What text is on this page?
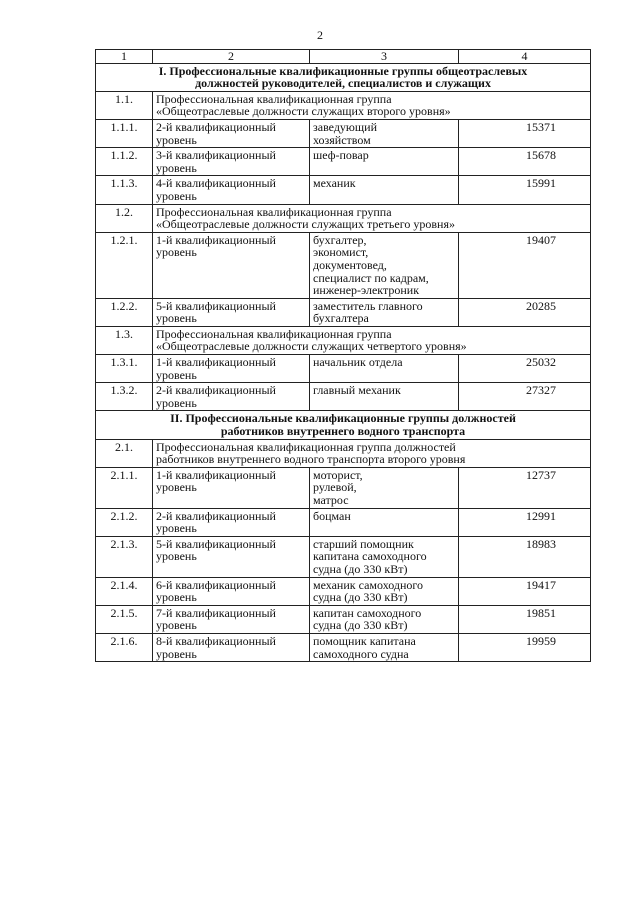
2
1	2	3	4

I. Профессиональные квалификационные группы общеотраслевых
должностей руководителей, специалистов и служащих			

1.1.	Профессиональная квалификационная группа
«Общеотраслевые должности служащих второго уровня»		

1.1.1.	2-й квалификационный
уровень	заведующий
хозяйством	15371
1.1.2.	3-й квалификационный
уровень	шеф-повар	15678
1.1.3.	4-й квалификационный
уровень	механик	15991
1.2.	Профессиональная квалификационная группа
«Общеотраслевые должности служащих третьего уровня»		

1.2.1.	1-й квалификационный
уровень	бухгалтер,
экономист,
документовед,
специалист по кадрам,
инженер-электроник	19407
1.2.2.	5-й квалификационный
уровень	заместитель главного
бухгалтера	20285
1.3.	Профессиональная квалификационная группа
«Общеотраслевые должности служащих четвертого уровня»		

1.3.1.	1-й квалификационный
уровень	начальник отдела	25032
1.3.2.	2-й квалификационный
уровень	главный механик	27327

II. Профессиональные квалификационные группы должностей
работников внутреннего водного транспорта			

2.1.	Профессиональная квалификационная группа должностей
работников внутреннего водного транспорта второго уровня		

2.1.1.	1-й квалификационный
уровень	моторист,
рулевой,
матрос	12737
2.1.2.	2-й квалификационный
уровень	боцман	12991
2.1.3.	5-й квалификационный
уровень	старший помощник
капитана самоходного
судна (до 330 кВт)	18983
2.1.4.	6-й квалификационный
уровень	механик самоходного
судна (до 330 кВт)	19417
2.1.5.	7-й квалификационный
уровень	капитан самоходного
судна (до 330 кВт)	19851
2.1.6.	8-й квалификационный
уровень	помощник капитана
самоходного судна	19959
